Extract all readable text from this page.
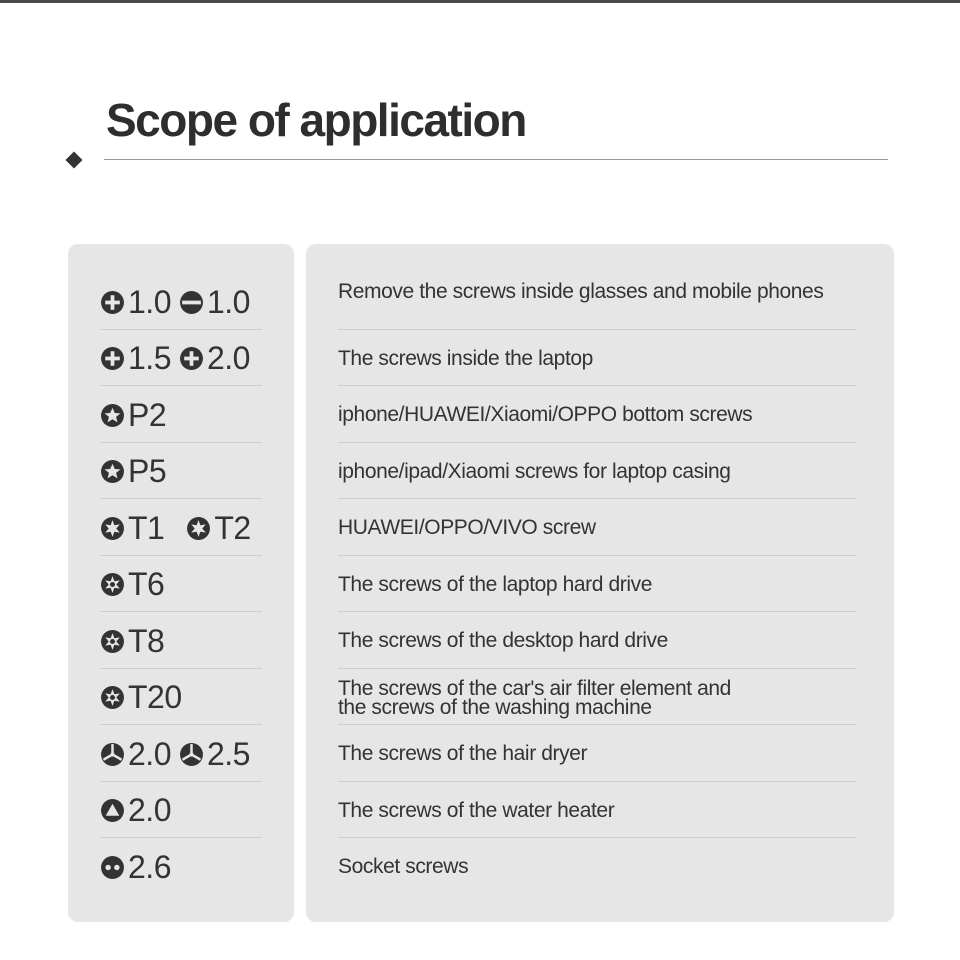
Scope of application
1.0 1.0	Remove the screws inside glasses and mobile phones
1.5 2.0	The screws inside the laptop
P2	iphone/HUAWEI/Xiaomi/OPPO bottom screws
P5	iphone/ipad/Xiaomi screws for laptop casing
T1 T2	HUAWEI/OPPO/VIVO screw
T6	The screws of the laptop hard drive
T8	The screws of the desktop hard drive
T20	The screws of the car's air filter element and
the screws of the washing machine
2.0 2.5	The screws of the hair dryer
2.0	The screws of the water heater
2.6	Socket screws
